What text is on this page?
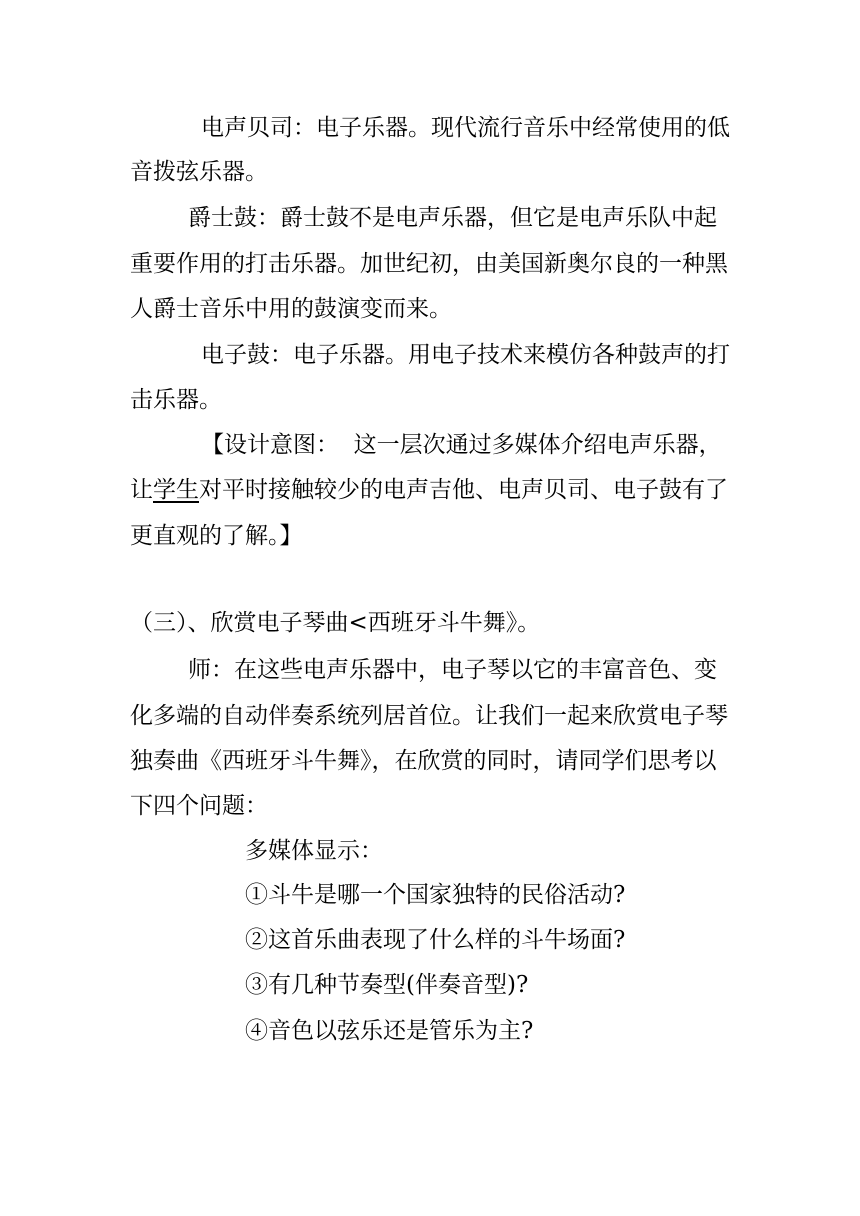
电声贝司：电子乐器。现代流行音乐中经常使用的低
音拨弦乐器。
爵士鼓：爵士鼓不是电声乐器，但它是电声乐队中起
重要作用的打击乐器。加世纪初，由美国新奥尔良的一种黑
人爵士音乐中用的鼓演变而来。
电子鼓：电子乐器。用电子技术来模仿各种鼓声的打
击乐器。
【设计意图：  这一层次通过多媒体介绍电声乐器，
让学生对平时接触较少的电声吉他、电声贝司、电子鼓有了
更直观的了解。】
（三）、欣赏电子琴曲<西班牙斗牛舞》。
师：在这些电声乐器中，电子琴以它的丰富音色、变
化多端的自动伴奏系统列居首位。让我们一起来欣赏电子琴
独奏曲《西班牙斗牛舞》，在欣赏的同时，请同学们思考以
下四个问题：
多媒体显示：
①斗牛是哪一个国家独特的民俗活动?
②这首乐曲表现了什么样的斗牛场面?
③有几种节奏型(伴奏音型)?
④音色以弦乐还是管乐为主?
